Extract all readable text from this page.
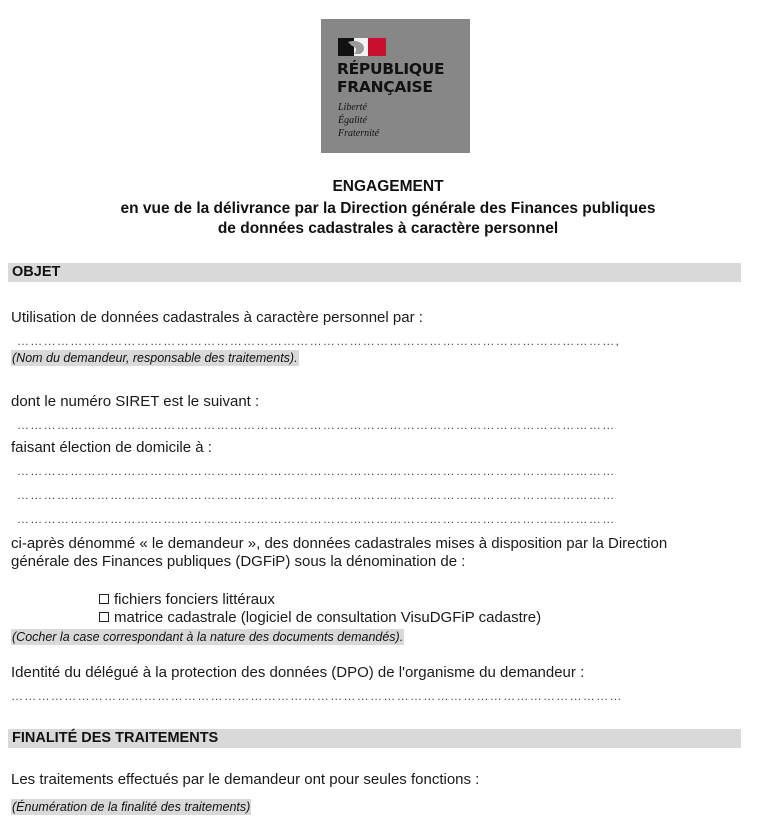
RÉPUBLIQUE
FRANÇAISE
Liberté
Égalité
Fraternité
ENGAGEMENT
en vue de la délivrance par la Direction générale des Finances publiques
de données cadastrales à caractère personnel
OBJET
Utilisation de données cadastrales à caractère personnel par :
………………………………………………………………………………………………………………………,
(Nom du demandeur, responsable des traitements).
dont le numéro SIRET est le suivant :
………………………………………………………………………………………………………………………
faisant élection de domicile à :
………………………………………………………………………………………………………………………
………………………………………………………………………………………………………………………
………………………………………………………………………………………………………………………
ci-après dénommé « le demandeur », des données cadastrales mises à disposition par la Direction
générale des Finances publiques (DGFiP) sous la dénomination de :
fichiers fonciers littéraux
matrice cadastrale (logiciel de consultation VisuDGFiP cadastre)
(Cocher la case correspondant à la nature des documents demandés).
Identité du délégué à la protection des données (DPO) de l'organisme du demandeur :
…………………………………………………………………………………………………………………………
FINALITÉ DES TRAITEMENTS
Les traitements effectués par le demandeur ont pour seules fonctions :
(Énumération de la finalité des traitements)
